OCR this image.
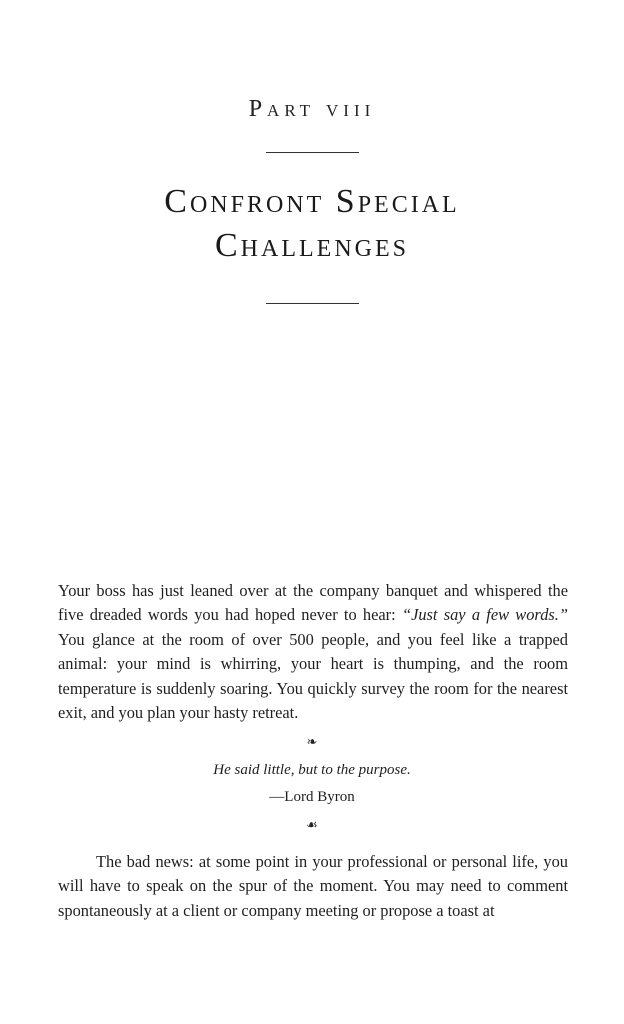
Part viii
Confront Special
Challenges

Your boss has just leaned over at the company banquet and whispered the five dreaded words you had hoped never to hear: “Just say a few words.” You glance at the room of over 500 people, and you feel like a trapped animal: your mind is whirring, your heart is thumping, and the room temperature is suddenly soaring. You quickly survey the room for the nearest exit, and you plan your hasty retreat.

❧
He said little, but to the purpose.
—Lord Byron
☙

The bad news: at some point in your professional or personal life, you will have to speak on the spur of the moment. You may need to comment spontaneously at a client or company meeting or propose a toast at
